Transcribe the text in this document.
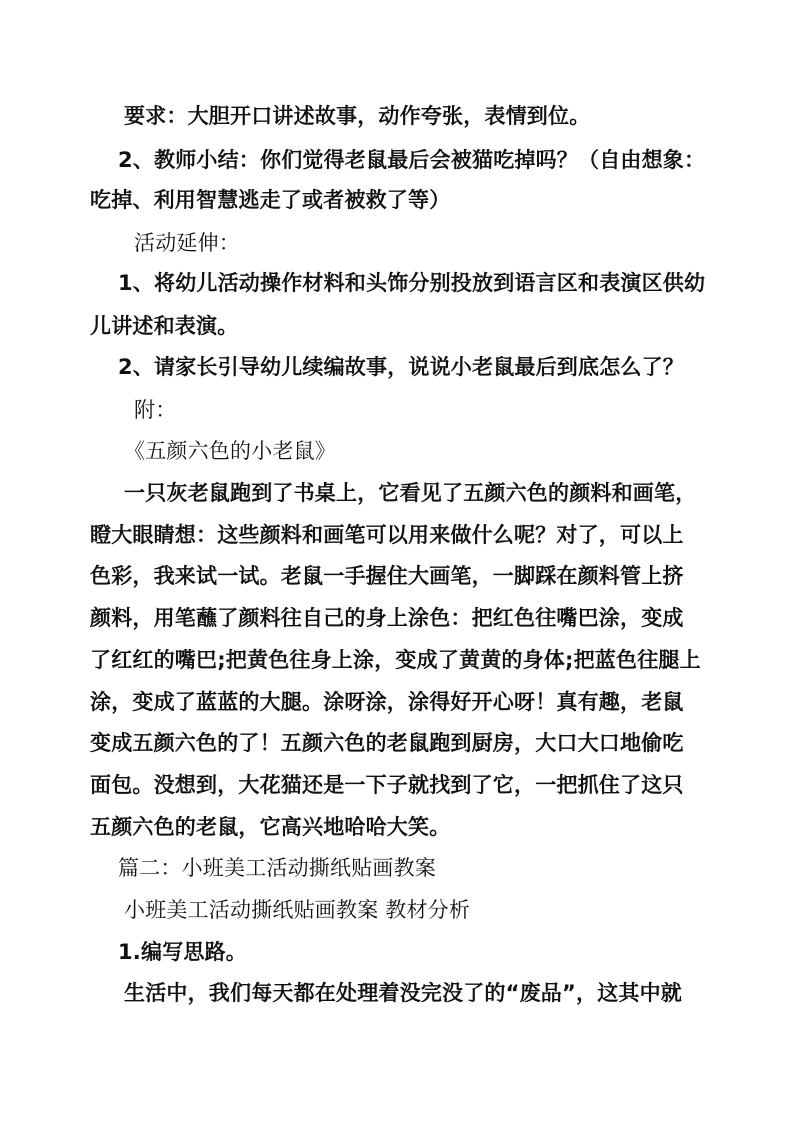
要求：大胆开口讲述故事，动作夸张，表情到位。
2、教师小结：你们觉得老鼠最后会被猫吃掉吗？（自由想象：
吃掉、利用智慧逃走了或者被救了等）
活动延伸：
1、将幼儿活动操作材料和头饰分别投放到语言区和表演区供幼
儿讲述和表演。
2、请家长引导幼儿续编故事，说说小老鼠最后到底怎么了？
附：
《五颜六色的小老鼠》
一只灰老鼠跑到了书桌上，它看见了五颜六色的颜料和画笔，
瞪大眼睛想：这些颜料和画笔可以用来做什么呢？对了，可以上
色彩，我来试一试。老鼠一手握住大画笔，一脚踩在颜料管上挤
颜料，用笔蘸了颜料往自己的身上涂色：把红色往嘴巴涂，变成
了红红的嘴巴;把黄色往身上涂，变成了黄黄的身体;把蓝色往腿上
涂，变成了蓝蓝的大腿。涂呀涂，涂得好开心呀！真有趣，老鼠
变成五颜六色的了！五颜六色的老鼠跑到厨房，大口大口地偷吃
面包。没想到，大花猫还是一下子就找到了它，一把抓住了这只
五颜六色的老鼠，它高兴地哈哈大笑。
篇二：小班美工活动撕纸贴画教案
小班美工活动撕纸贴画教案 教材分析
1.编写思路。
生活中，我们每天都在处理着没完没了的“废品”，这其中就
